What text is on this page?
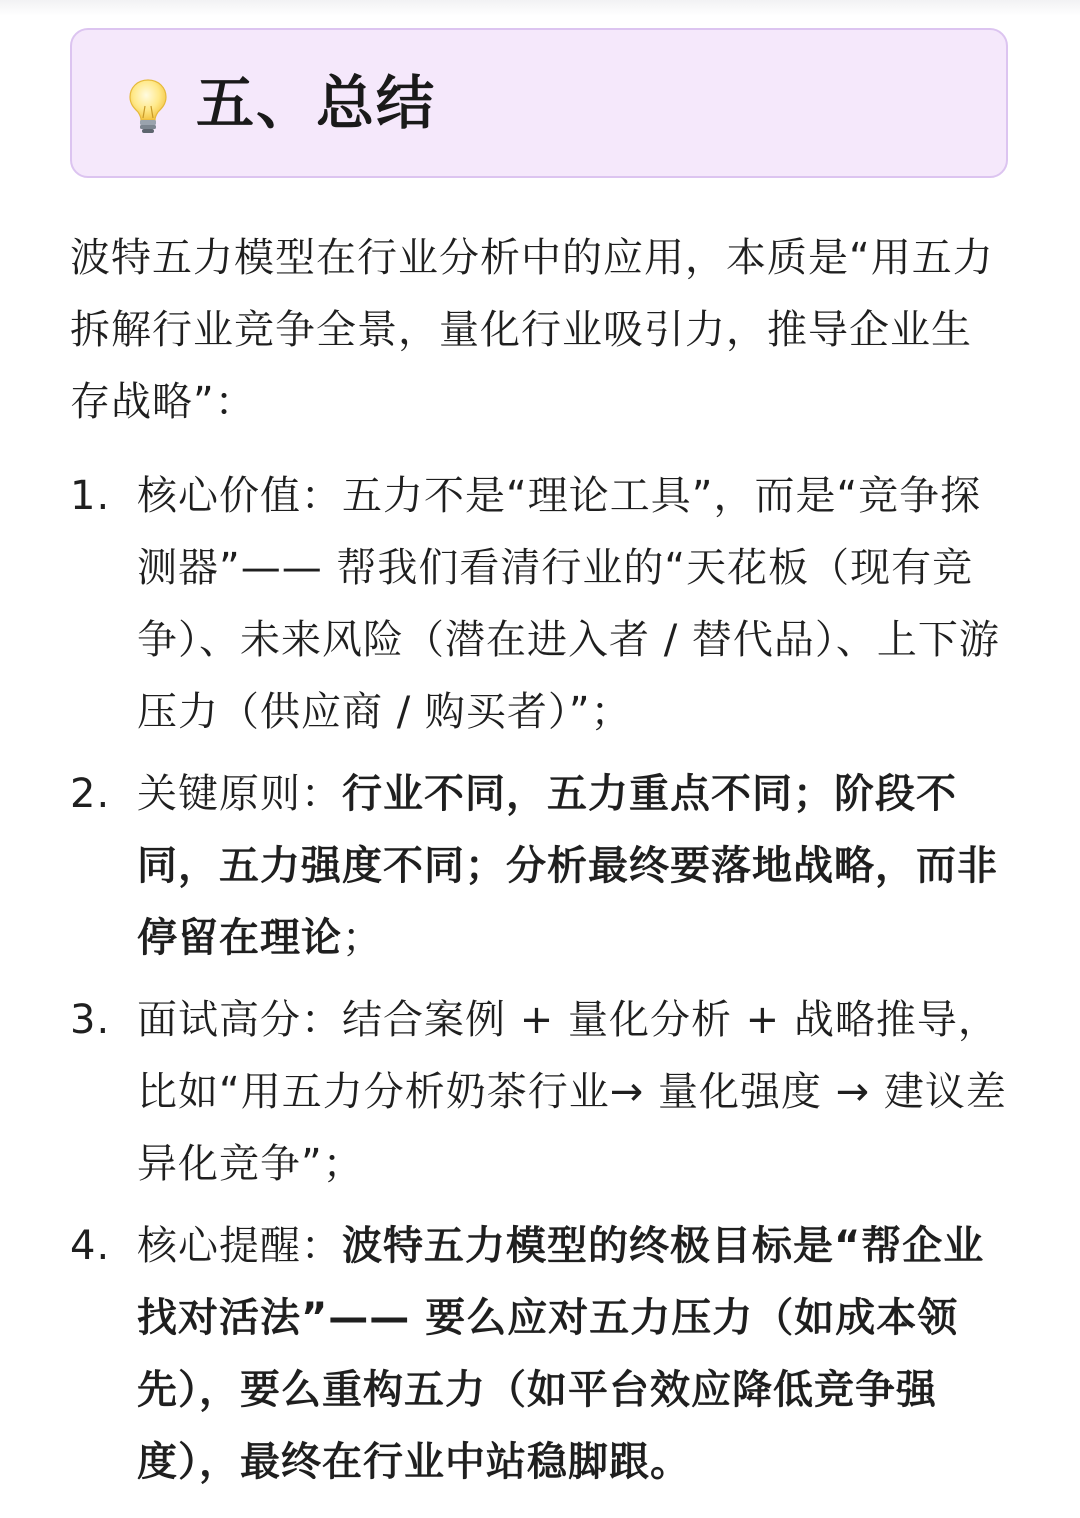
五、总结

波特五力模型在行业分析中的应用，本质是“用五力拆解行业竞争全景，量化行业吸引力，推导企业生存战略”：

1. 核心价值：五力不是“理论工具”，而是“竞争探测器”—— 帮我们看清行业的“天花板（现有竞争）、未来风险（潜在进入者 / 替代品）、上下游压力（供应商 / 购买者）”；
2. 关键原则：行业不同，五力重点不同；阶段不同，五力强度不同；分析最终要落地战略，而非停留在理论；
3. 面试高分：结合案例 + 量化分析 + 战略推导，比如“用五力分析奶茶行业→ 量化强度 → 建议差异化竞争”；
4. 核心提醒：波特五力模型的终极目标是“帮企业找对活法”—— 要么应对五力压力（如成本领先），要么重构五力（如平台效应降低竞争强度），最终在行业中站稳脚跟。
